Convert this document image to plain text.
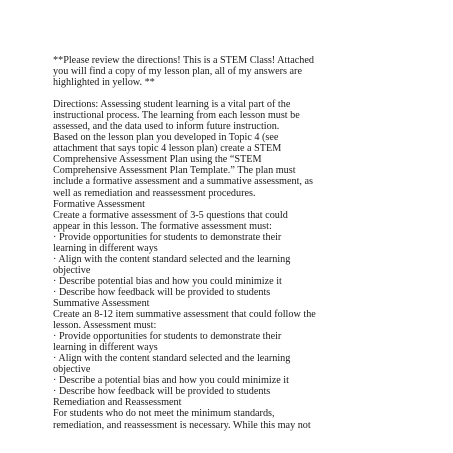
**Please review the directions! This is a STEM Class! Attached
you will find a copy of my lesson plan, all of my answers are
highlighted in yellow. **
Directions: Assessing student learning is a vital part of the
instructional process. The learning from each lesson must be
assessed, and the data used to inform future instruction.
Based on the lesson plan you developed in Topic 4 (see
attachment that says topic 4 lesson plan) create a STEM
Comprehensive Assessment Plan using the “STEM
Comprehensive Assessment Plan Template.” The plan must
include a formative assessment and a summative assessment, as
well as remediation and reassessment procedures.
Formative Assessment
Create a formative assessment of 3-5 questions that could
appear in this lesson. The formative assessment must:
· Provide opportunities for students to demonstrate their
learning in different ways
· Align with the content standard selected and the learning
objective
· Describe potential bias and how you could minimize it
· Describe how feedback will be provided to students
Summative Assessment
Create an 8-12 item summative assessment that could follow the
lesson. Assessment must:
· Provide opportunities for students to demonstrate their
learning in different ways
· Align with the content standard selected and the learning
objective
· Describe a potential bias and how you could minimize it
· Describe how feedback will be provided to students
Remediation and Reassessment
For students who do not meet the minimum standards,
remediation, and reassessment is necessary. While this may not
